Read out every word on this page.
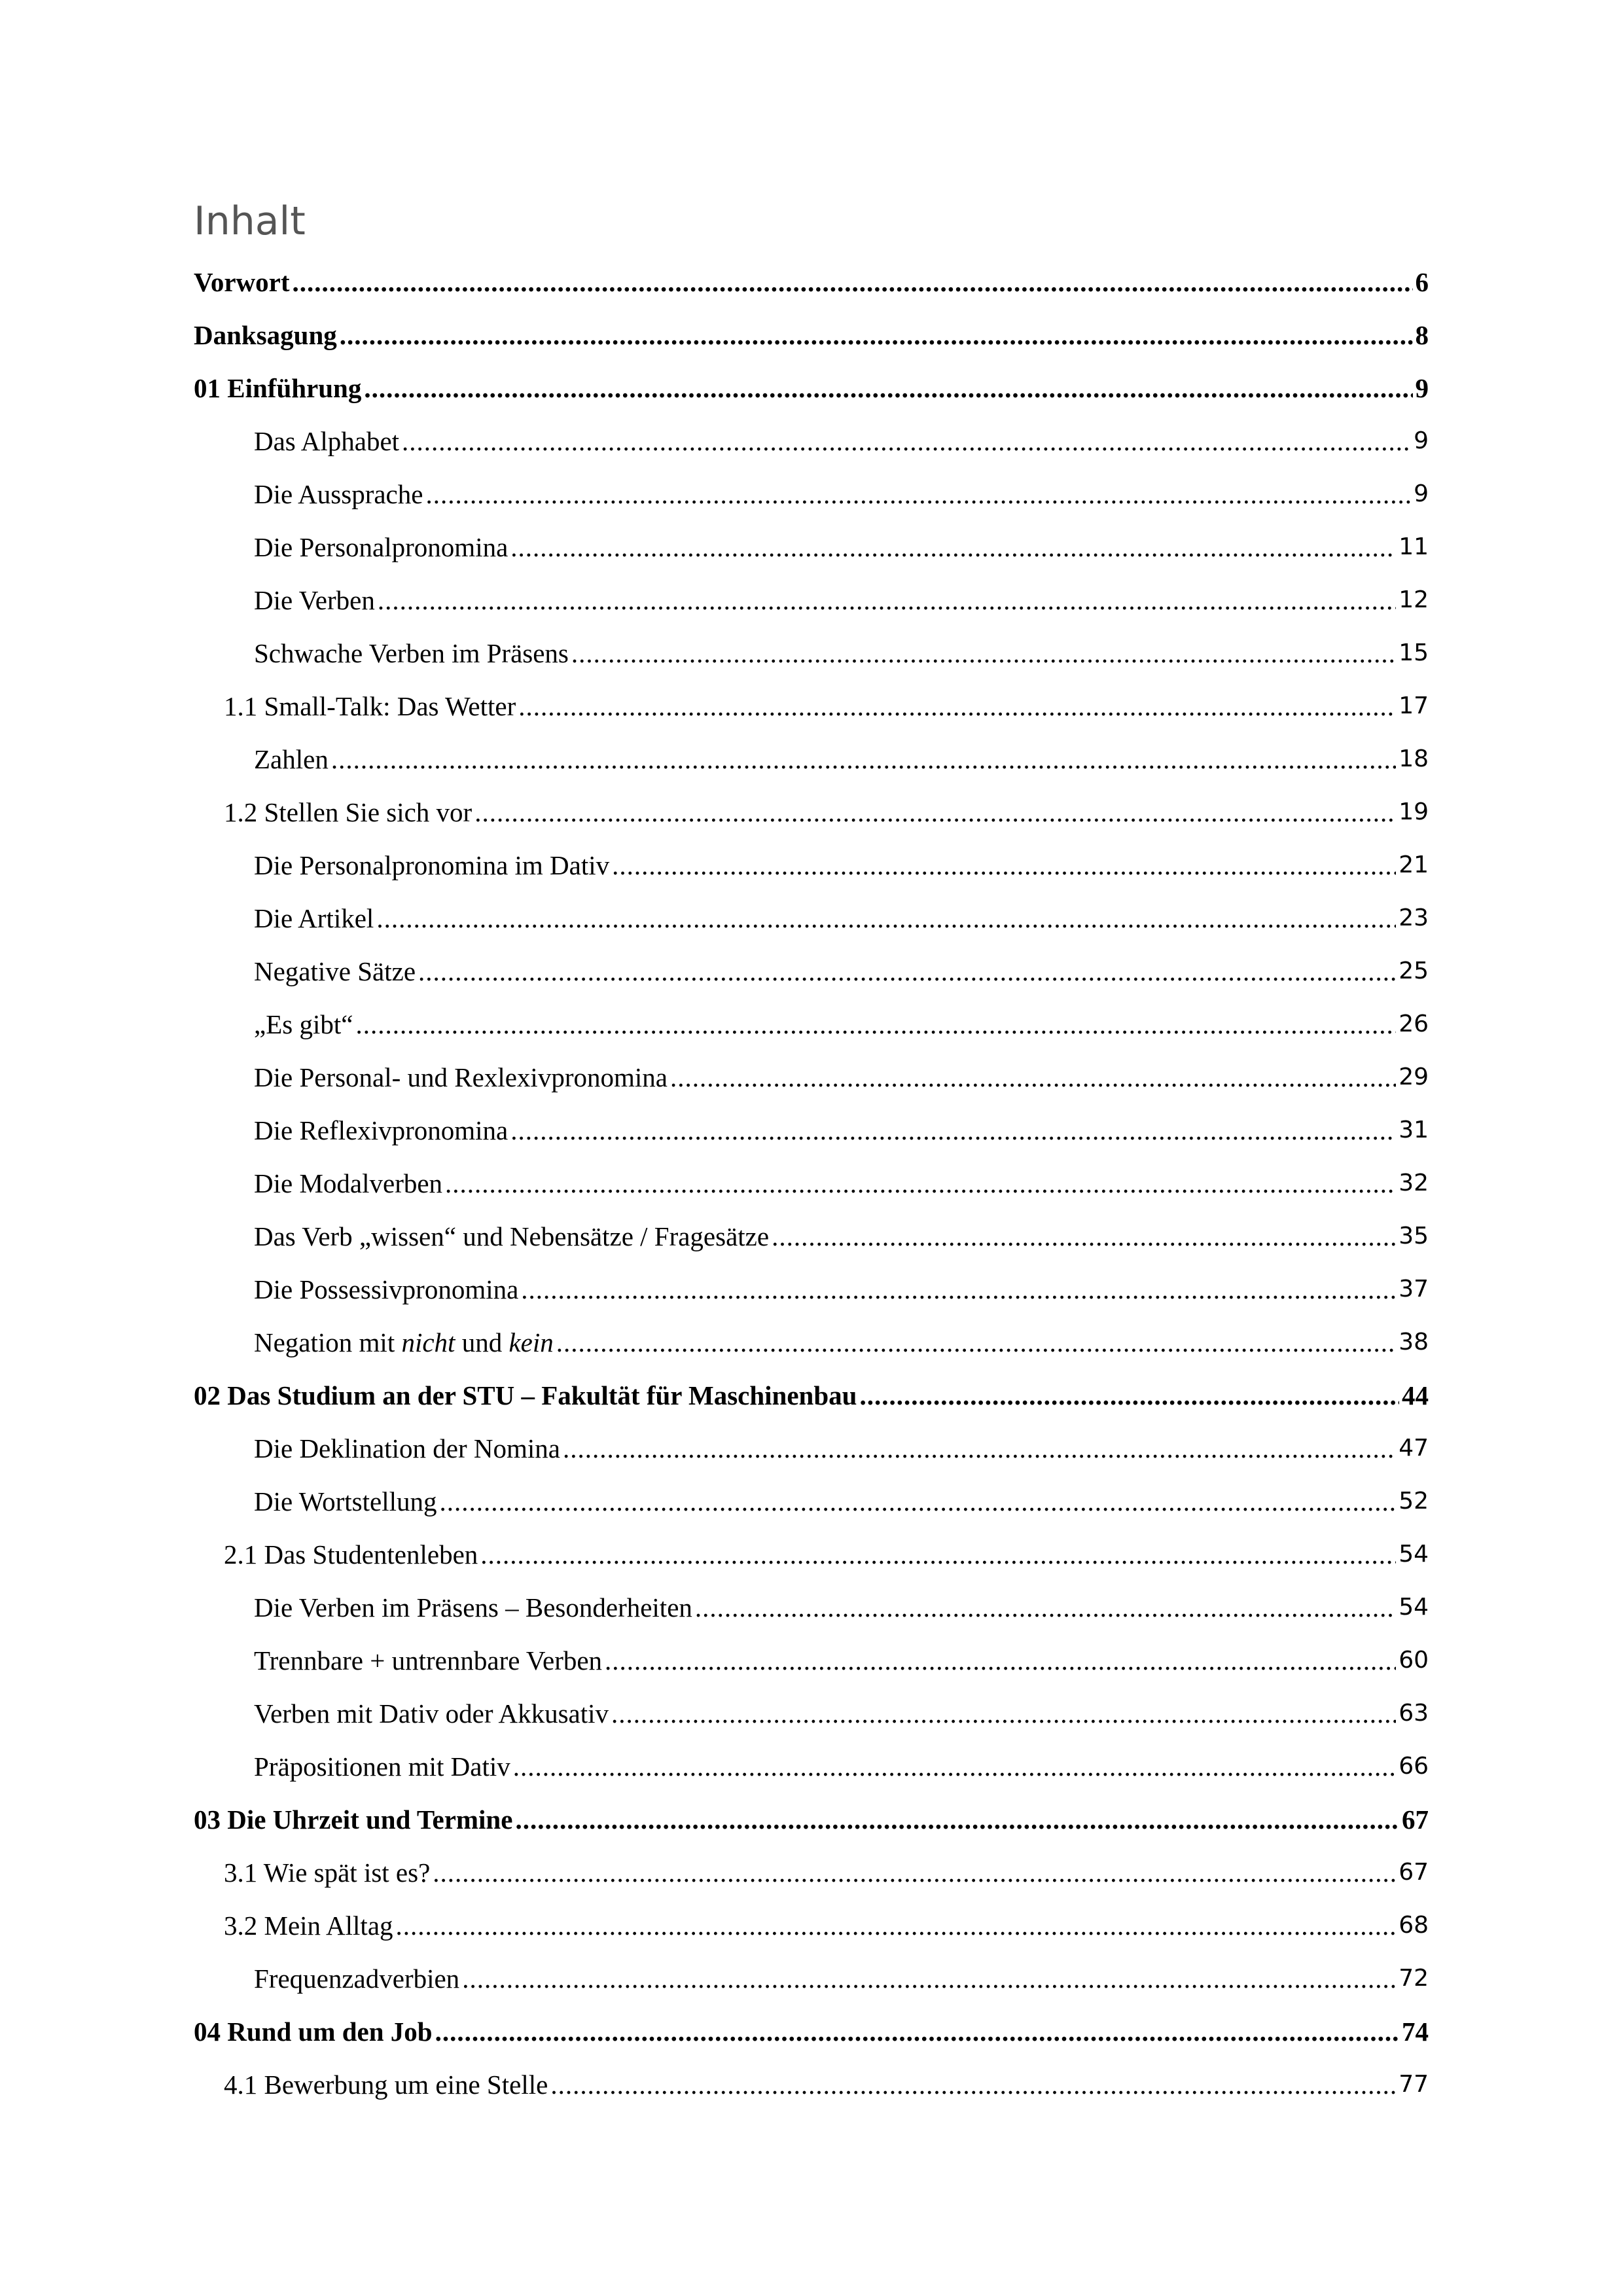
Inhalt
Vorwort .....	6
Danksagung .....	8
01 Einführung .....	9
Das Alphabet .....	9
Die Aussprache .....	9
Die Personalpronomina .....	11
Die Verben .....	12
Schwache Verben im Präsens .....	15
1.1 Small-Talk: Das Wetter .....	17
Zahlen .....	18
1.2 Stellen Sie sich vor .....	19
Die Personalpronomina im Dativ .....	21
Die Artikel .....	23
Negative Sätze .....	25
„Es gibt“ .....	26
Die Personal- und Rexlexivpronomina .....	29
Die Reflexivpronomina .....	31
Die Modalverben .....	32
Das Verb „wissen“ und Nebensätze / Fragesätze .....	35
Die Possessivpronomina .....	37
Negation mit nicht und kein .....	38
02 Das Studium an der STU – Fakultät für Maschinenbau .....	44
Die Deklination der Nomina .....	47
Die Wortstellung .....	52
2.1 Das Studentenleben .....	54
Die Verben im Präsens – Besonderheiten .....	54
Trennbare + untrennbare Verben .....	60
Verben mit Dativ oder Akkusativ .....	63
Präpositionen mit Dativ .....	66
03 Die Uhrzeit und Termine .....	67
3.1 Wie spät ist es? .....	67
3.2 Mein Alltag .....	68
Frequenzadverbien .....	72
04 Rund um den Job .....	74
4.1 Bewerbung um eine Stelle .....	77
